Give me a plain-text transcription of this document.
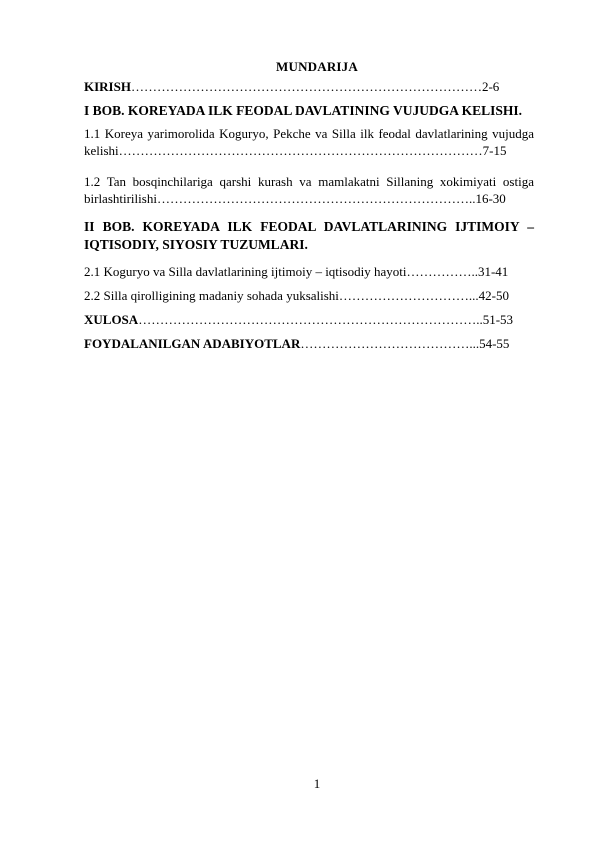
MUNDARIJA
KIRISH………………………………………………………………………2-6
I BOB. KOREYADA ILK FEODAL DAVLATINING VUJUDGA KELISHI.
1.1 Koreya yarimorolida Koguryo, Pekche va Silla ilk feodal davlatlarining vujudga
kelishi…………………………………………………………………………7-15
1.2 Tan bosqinchilariga qarshi kurash va mamlakatni Sillaning xokimiyati ostiga
birlashtirilishi………………………………………………………………..16-30
II BOB. KOREYADA ILK FEODAL DAVLATLARINING IJTIMOIY – IQTISODIY, SIYOSIY TUZUMLARI.
2.1 Koguryo va Silla davlatlarining ijtimoiy – iqtisodiy hayoti……………..31-41
2.2 Silla qirolligining madaniy sohada yuksalishi…………………………...42-50
XULOSA……………………………………………………………………..51-53
FOYDALANILGAN ADABIYOTLAR…………………………………...54-55
1
